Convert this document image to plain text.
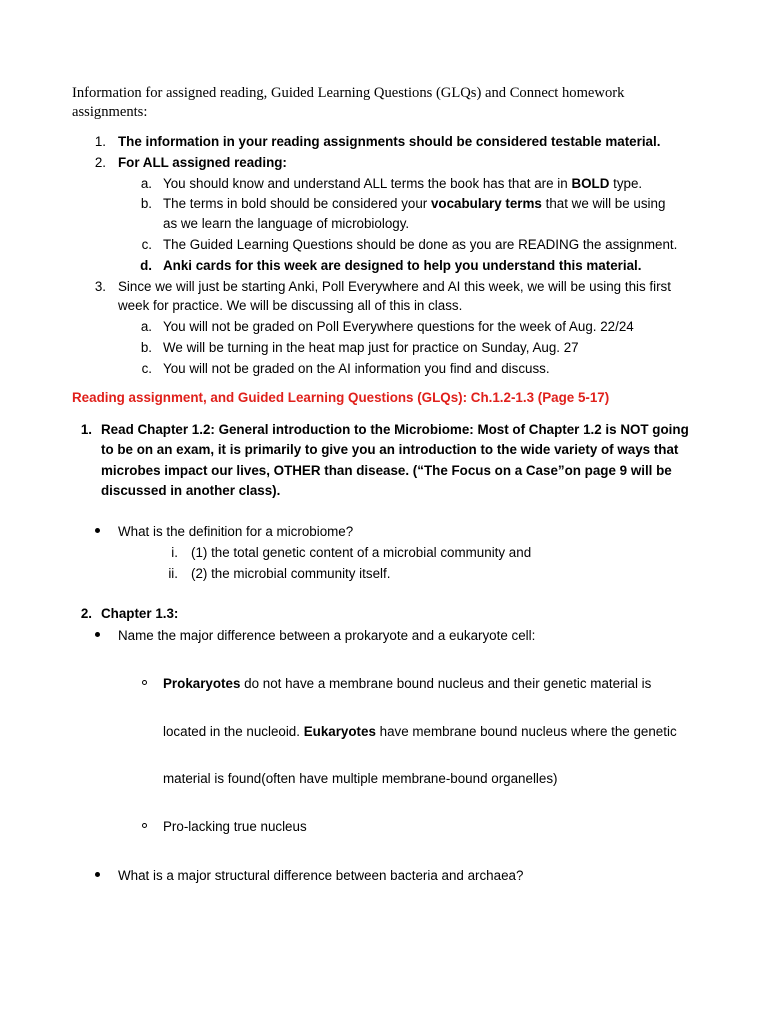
Information for assigned reading, Guided Learning Questions (GLQs) and Connect homework
assignments:
1. The information in your reading assignments should be considered testable material.
2. For ALL assigned reading:
a. You should know and understand ALL terms the book has that are in BOLD type.
b. The terms in bold should be considered your vocabulary terms that we will be using
as we learn the language of microbiology.
c. The Guided Learning Questions should be done as you are READING the assignment.
d. Anki cards for this week are designed to help you understand this material.
3. Since we will just be starting Anki, Poll Everywhere and AI this week, we will be using this first
week for practice. We will be discussing all of this in class.
a. You will not be graded on Poll Everywhere questions for the week of Aug. 22/24
b. We will be turning in the heat map just for practice on Sunday, Aug. 27
c. You will not be graded on the AI information you find and discuss.
Reading assignment, and Guided Learning Questions (GLQs): Ch.1.2-1.3 (Page 5-17)
1. Read Chapter 1.2: General introduction to the Microbiome: Most of Chapter 1.2 is NOT going
to be on an exam, it is primarily to give you an introduction to the wide variety of ways that
microbes impact our lives, OTHER than disease. (“The Focus on a Case”on page 9 will be
discussed in another class).
What is the definition for a microbiome?
i. (1) the total genetic content of a microbial community and
ii. (2) the microbial community itself.
2. Chapter 1.3:
Name the major difference between a prokaryote and a eukaryote cell:
Prokaryotes do not have a membrane bound nucleus and their genetic material is
located in the nucleoid. Eukaryotes have membrane bound nucleus where the genetic
material is found(often have multiple membrane-bound organelles)
Pro-lacking true nucleus
What is a major structural difference between bacteria and archaea?
